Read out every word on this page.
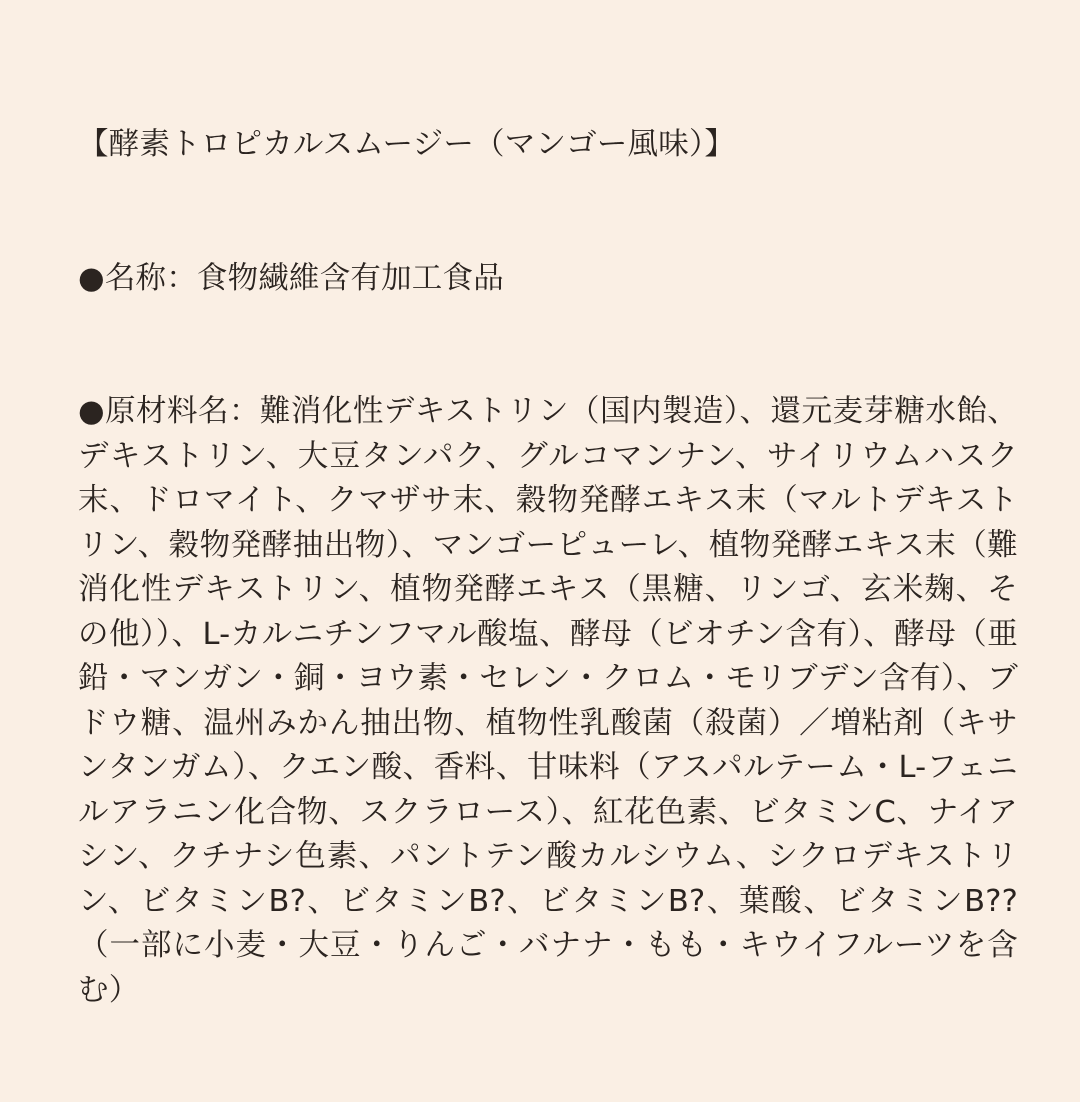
【酵素トロピカルスムージー（マンゴー風味）】

●名称：食物繊維含有加工食品

●原材料名：難消化性デキストリン（国内製造）、還元麦芽糖水飴、デキストリン、大豆タンパク、グルコマンナン、サイリウムハスク末、ドロマイト、クマザサ末、穀物発酵エキス末（マルトデキストリン、穀物発酵抽出物）、マンゴーピューレ、植物発酵エキス末（難消化性デキストリン、植物発酵エキス（黒糖、リンゴ、玄米麹、その他））、L-カルニチンフマル酸塩、酵母（ビオチン含有）、酵母（亜鉛・マンガン・銅・ヨウ素・セレン・クロム・モリブデン含有）、ブドウ糖、温州みかん抽出物、植物性乳酸菌（殺菌）／増粘剤（キサンタンガム）、クエン酸、香料、甘味料（アスパルテーム・L-フェニルアラニン化合物、スクラロース）、紅花色素、ビタミンC、ナイアシン、クチナシ色素、パントテン酸カルシウム、シクロデキストリン、ビタミンB?、ビタミンB?、ビタミンB?、葉酸、ビタミンB??（一部に小麦・大豆・りんご・バナナ・もも・キウイフルーツを含む）
